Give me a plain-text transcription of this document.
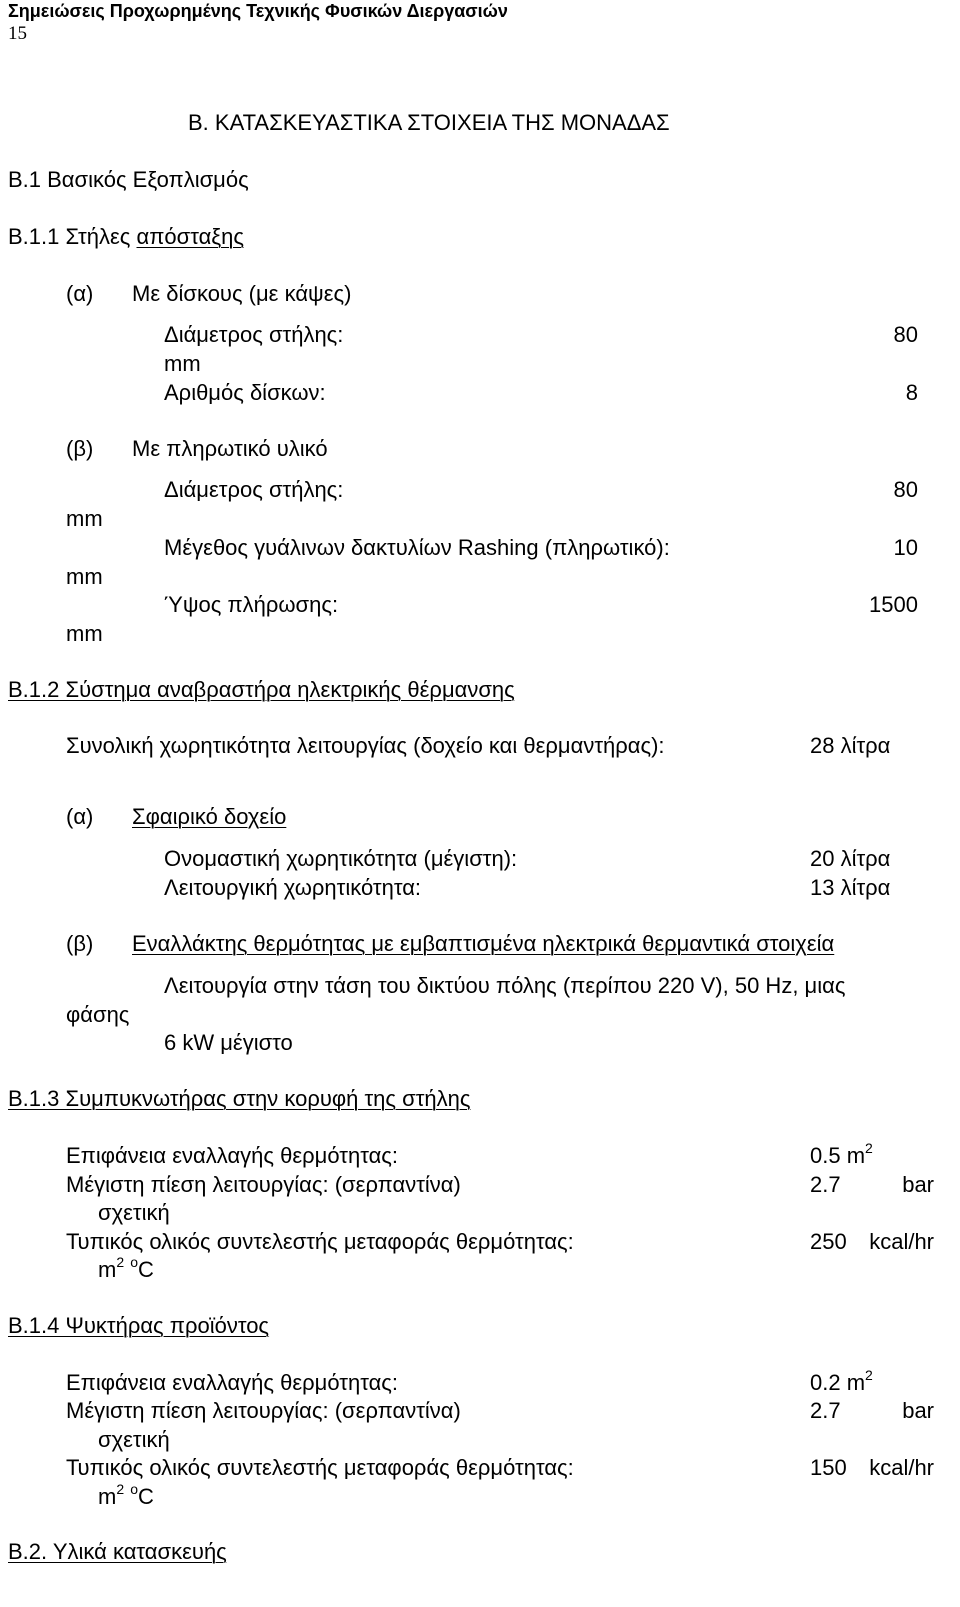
Σημειώσεις Προχωρημένης Τεχνικής Φυσικών Διεργασιών
15
Β. ΚΑΤΑΣΚΕΥΑΣΤΙΚΑ ΣΤΟΙΧΕΙΑ ΤΗΣ ΜΟΝΑΔΑΣ
Β.1 Βασικός Εξοπλισμός
Β.1.1 Στήλες απόσταξης
(α) Με δίσκους (με κάψες)
Διάμετρος στήλης:	80
mm
Αριθμός δίσκων:	8
(β) Με πληρωτικό υλικό
Διάμετρος στήλης:	80
mm
Μέγεθος γυάλινων δακτυλίων Rashing (πληρωτικό):	10
mm
Ύψος πλήρωσης:	1500
mm
Β.1.2 Σύστημα αναβραστήρα ηλεκτρικής θέρμανσης
Συνολική χωρητικότητα λειτουργίας (δοχείο και θερμαντήρας):	28 λίτρα
(α) Σφαιρικό δοχείο
Ονομαστική χωρητικότητα (μέγιστη):	20 λίτρα
Λειτουργική χωρητικότητα:	13 λίτρα
(β) Εναλλάκτης θερμότητας με εμβαπτισμένα ηλεκτρικά θερμαντικά στοιχεία
Λειτουργία στην τάση του δικτύου πόλης (περίπου 220 V), 50 Hz, μιας
φάσης
6 kW μέγιστο
Β.1.3 Συμπυκνωτήρας στην κορυφή της στήλης
Επιφάνεια εναλλαγής θερμότητας:	0.5 $m^2$
Μέγιστη πίεση λειτουργίας: (σερπαντίνα)	2.7	bar
σχετική
Τυπικός ολικός συντελεστής μεταφοράς θερμότητας:	250 kcal/hr
$m^2$ $^o$C
Β.1.4 Ψυκτήρας προϊόντος
Επιφάνεια εναλλαγής θερμότητας:	0.2 $m^2$
Μέγιστη πίεση λειτουργίας: (σερπαντίνα)	2.7	bar
σχετική
Τυπικός ολικός συντελεστής μεταφοράς θερμότητας:	150 kcal/hr
$m^2$ $^o$C
Β.2. Υλικά κατασκευής
